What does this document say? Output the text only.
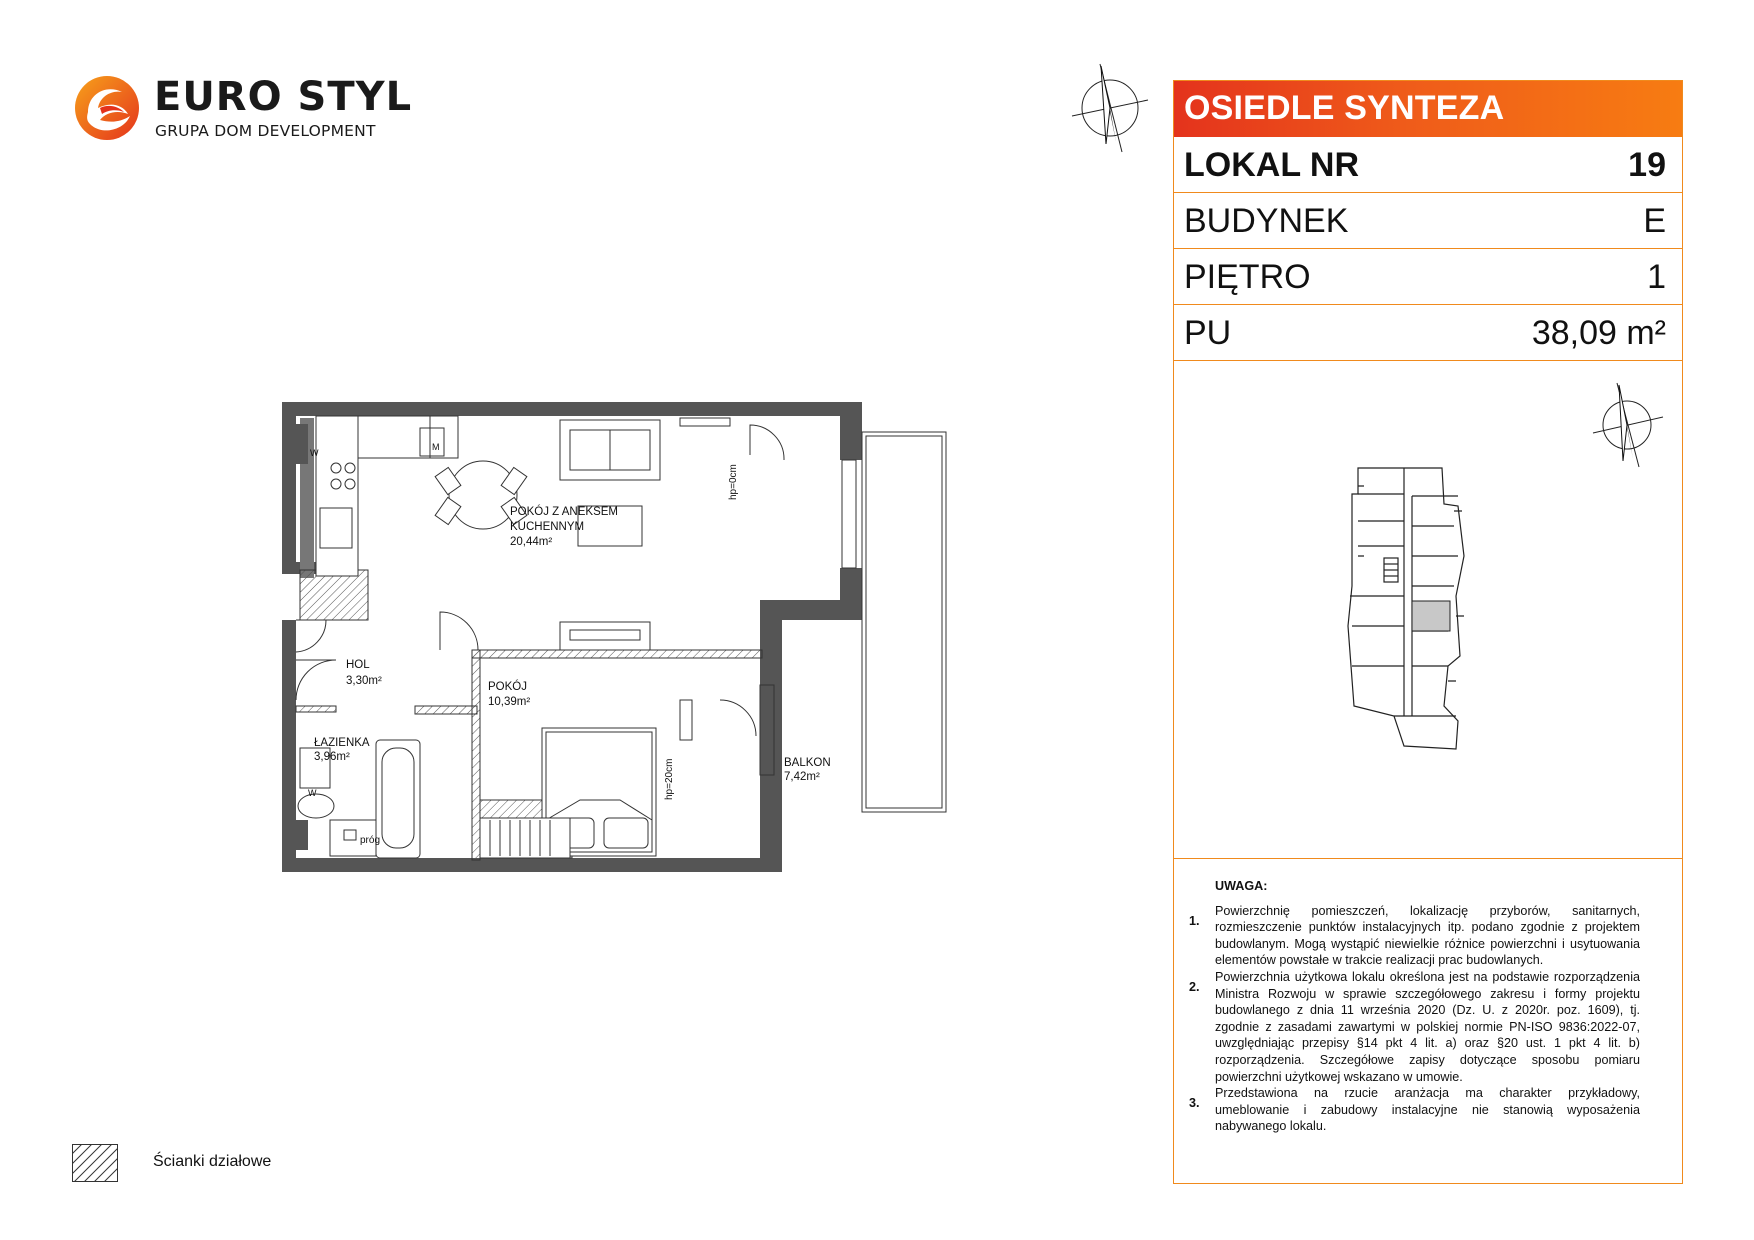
EURO STYL
GRUPA DOM DEVELOPMENT
OSIEDLE SYNTEZA
LOKAL NR	19
BUDYNEK	E
PIĘTRO	1
PU	38,09 m²
UWAGA:
1.
Powierzchnię pomieszczeń, lokalizację przyborów, sanitarnych, rozmieszczenie punktów instalacyjnych itp. podano zgodnie z projektem budowlanym. Mogą wystąpić niewielkie różnice powierzchni i usytuowania elementów powstałe w trakcie realizacji prac budowlanych.
2.
Powierzchnia użytkowa lokalu określona jest na podstawie rozporządzenia Ministra Rozwoju w sprawie szczegółowego zakresu i formy projektu budowlanego z dnia 11 września 2020 (Dz. U. z 2020r. poz. 1609), tj. zgodnie z zasadami zawartymi w polskiej normie PN-ISO 9836:2022-07, uwzględniając przepisy §14 pkt 4 lit. a) oraz §20 ust. 1 pkt 4 lit. b) rozporządzenia. Szczegółowe zapisy dotyczące sposobu pomiaru powierzchni użytkowej wskazano w umowie.
3.
Przedstawiona na rzucie aranżacja ma charakter przykładowy, umeblowanie i zabudowy instalacyjne nie stanowią wyposażenia nabywanego lokalu.
Ścianki działowe
POKÓJ Z ANEKSEM
KUCHENNYM
20,44m²
HOL
3,30m²	POKÓJ
10,39m²
ŁAZIENKA
3,96m²	BALKON
7,42m²
hp=0cm
hp=20cm
próg
W
W
M
